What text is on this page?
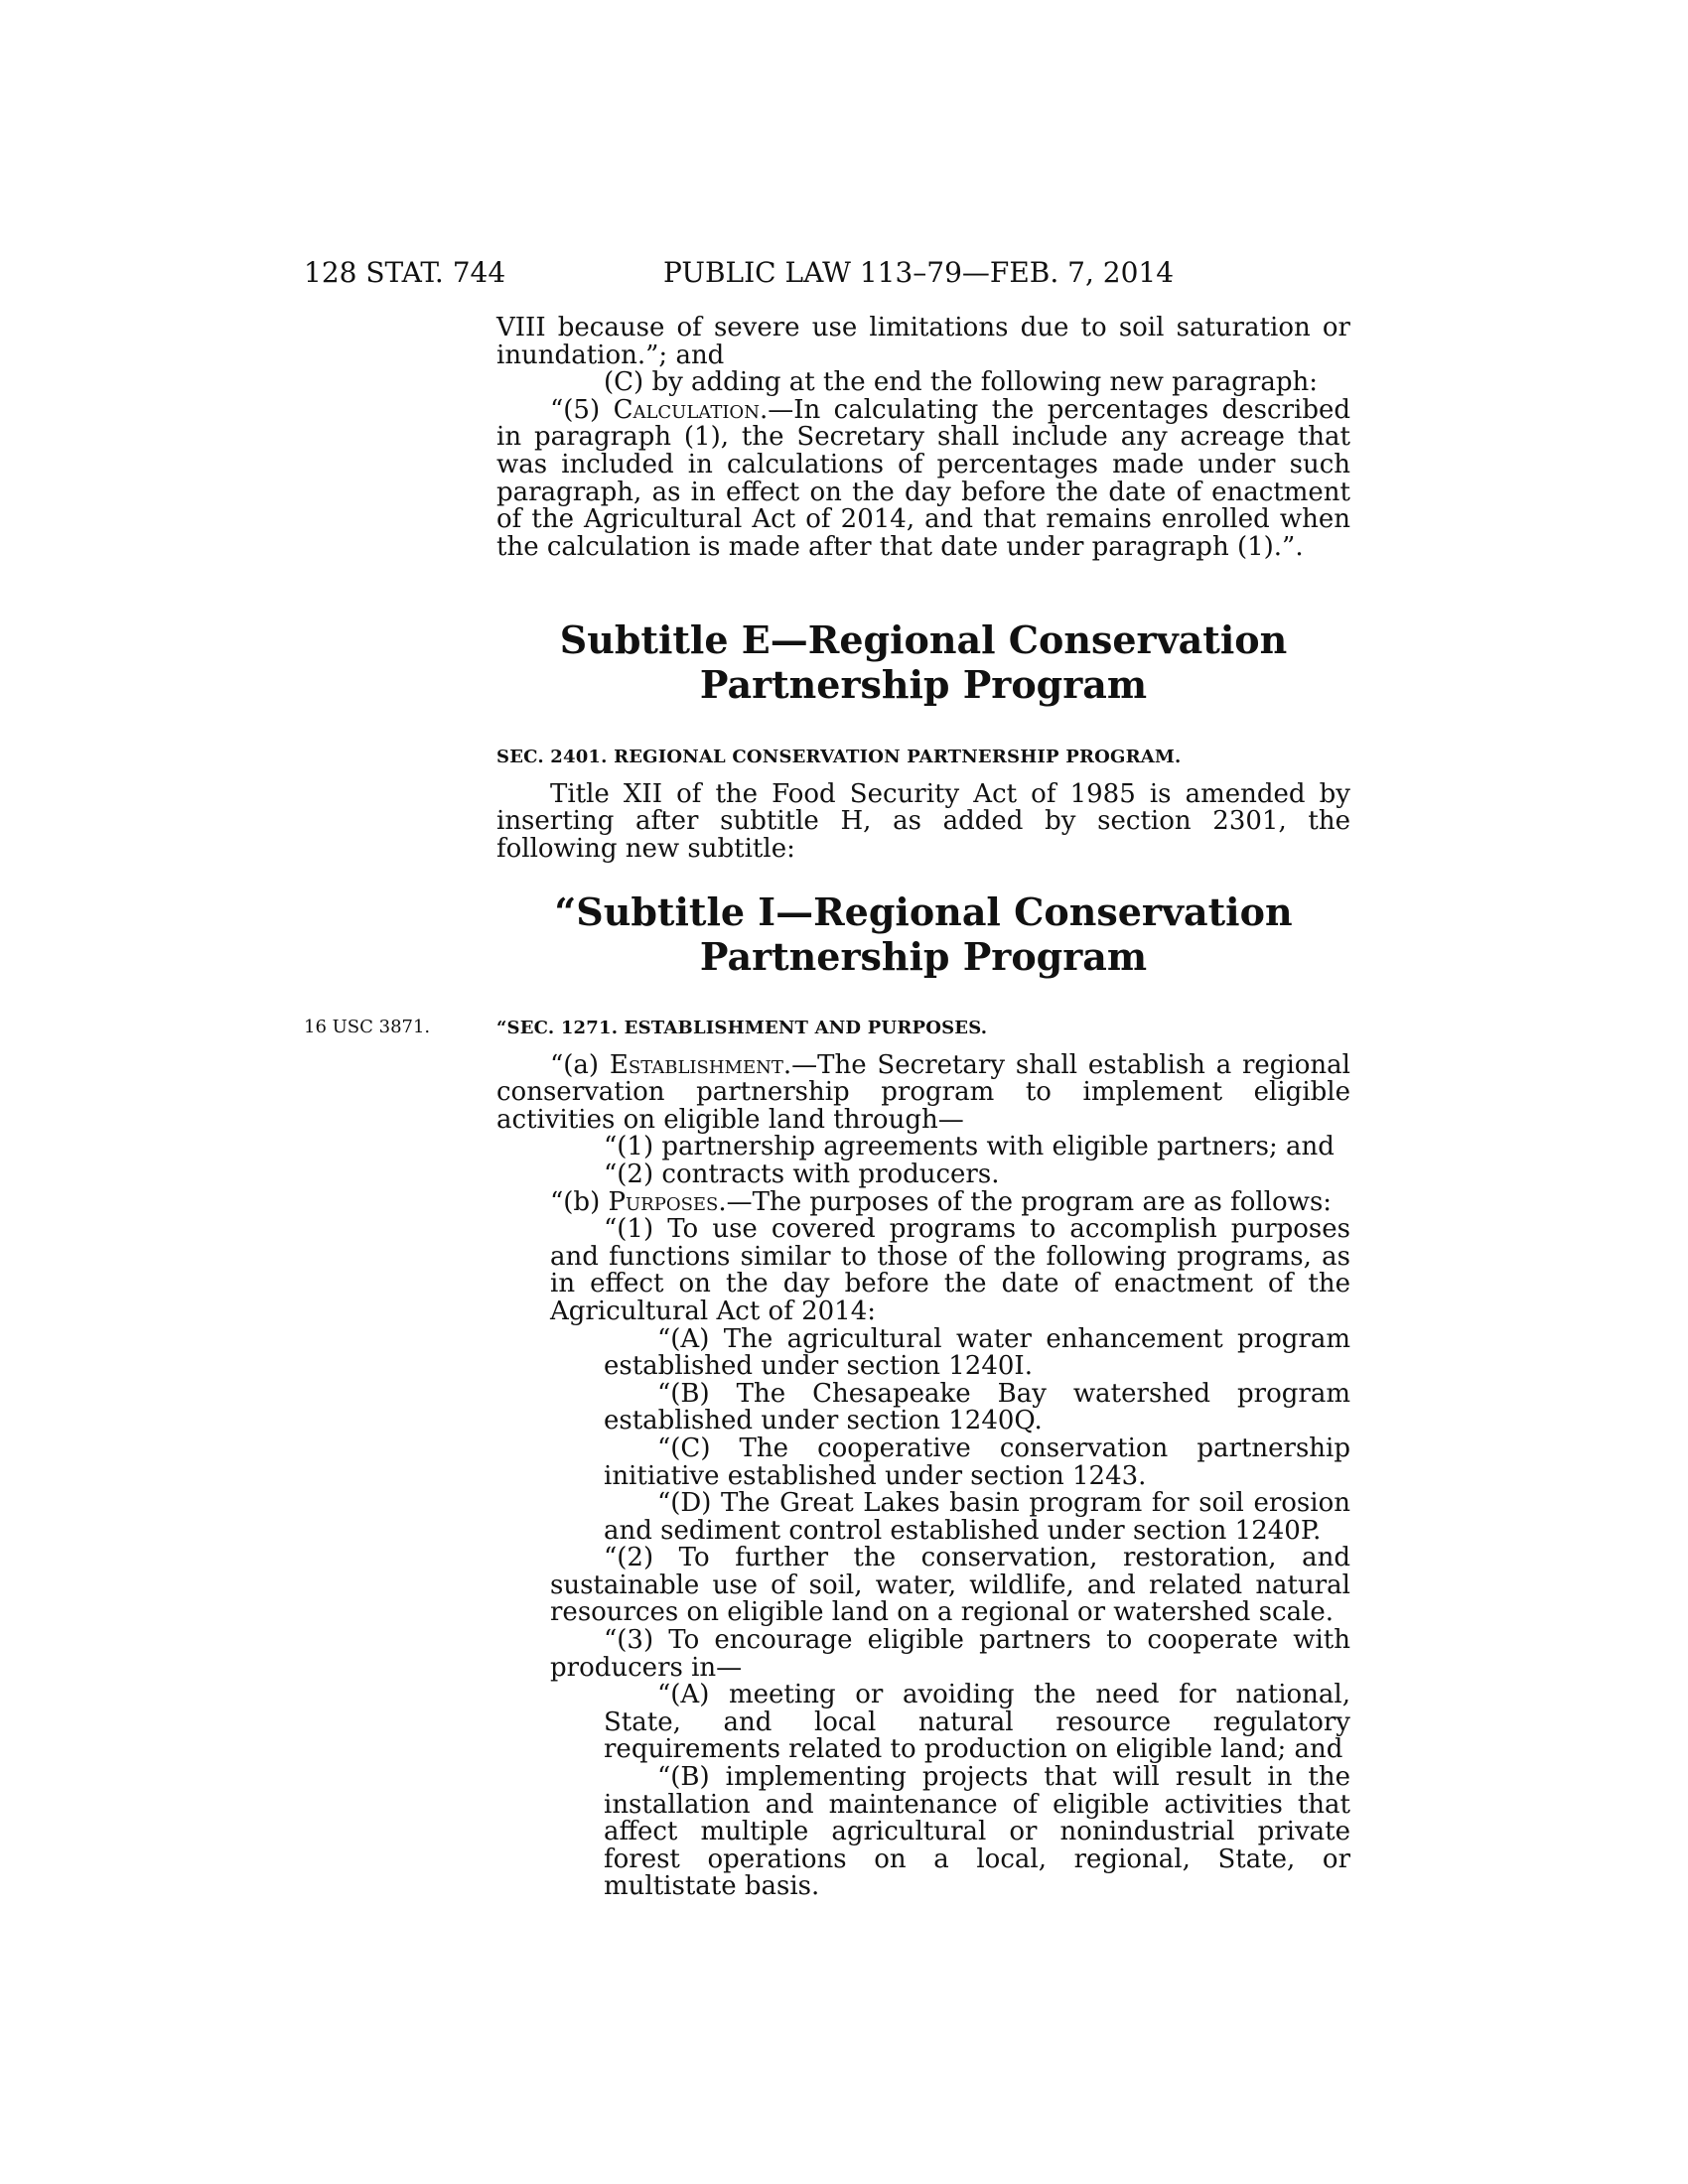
128 STAT. 744	PUBLIC LAW 113–79—FEB. 7, 2014

VIII because of severe use limitations due to soil saturation or inundation.”; and

(C) by adding at the end the following new paragraph:

“(5) Calculation.—In calculating the percentages described in paragraph (1), the Secretary shall include any acreage that was included in calculations of percentages made under such paragraph, as in effect on the day before the date of enactment of the Agricultural Act of 2014, and that remains enrolled when the calculation is made after that date under paragraph (1).”.

Subtitle E—Regional Conservation
Partnership Program

SEC. 2401. REGIONAL CONSERVATION PARTNERSHIP PROGRAM.

Title XII of the Food Security Act of 1985 is amended by inserting after subtitle H, as added by section 2301, the following new subtitle:

“Subtitle I—Regional Conservation
Partnership Program
16 USC 3871.	“SEC. 1271. ESTABLISHMENT AND PURPOSES.

“(a) Establishment.—The Secretary shall establish a regional conservation partnership program to implement eligible activities on eligible land through—

“(1) partnership agreements with eligible partners; and

“(2) contracts with producers.

“(b) Purposes.—The purposes of the program are as follows:

“(1) To use covered programs to accomplish purposes and functions similar to those of the following programs, as in effect on the day before the date of enactment of the Agricultural Act of 2014:

“(A) The agricultural water enhancement program established under section 1240I.

“(B) The Chesapeake Bay watershed program established under section 1240Q.

“(C) The cooperative conservation partnership initiative established under section 1243.

“(D) The Great Lakes basin program for soil erosion and sediment control established under section 1240P.

“(2) To further the conservation, restoration, and sustainable use of soil, water, wildlife, and related natural resources on eligible land on a regional or watershed scale.

“(3) To encourage eligible partners to cooperate with producers in—

“(A) meeting or avoiding the need for national, State, and local natural resource regulatory requirements related to production on eligible land; and

“(B) implementing projects that will result in the installation and maintenance of eligible activities that affect multiple agricultural or nonindustrial private forest operations on a local, regional, State, or multistate basis.
